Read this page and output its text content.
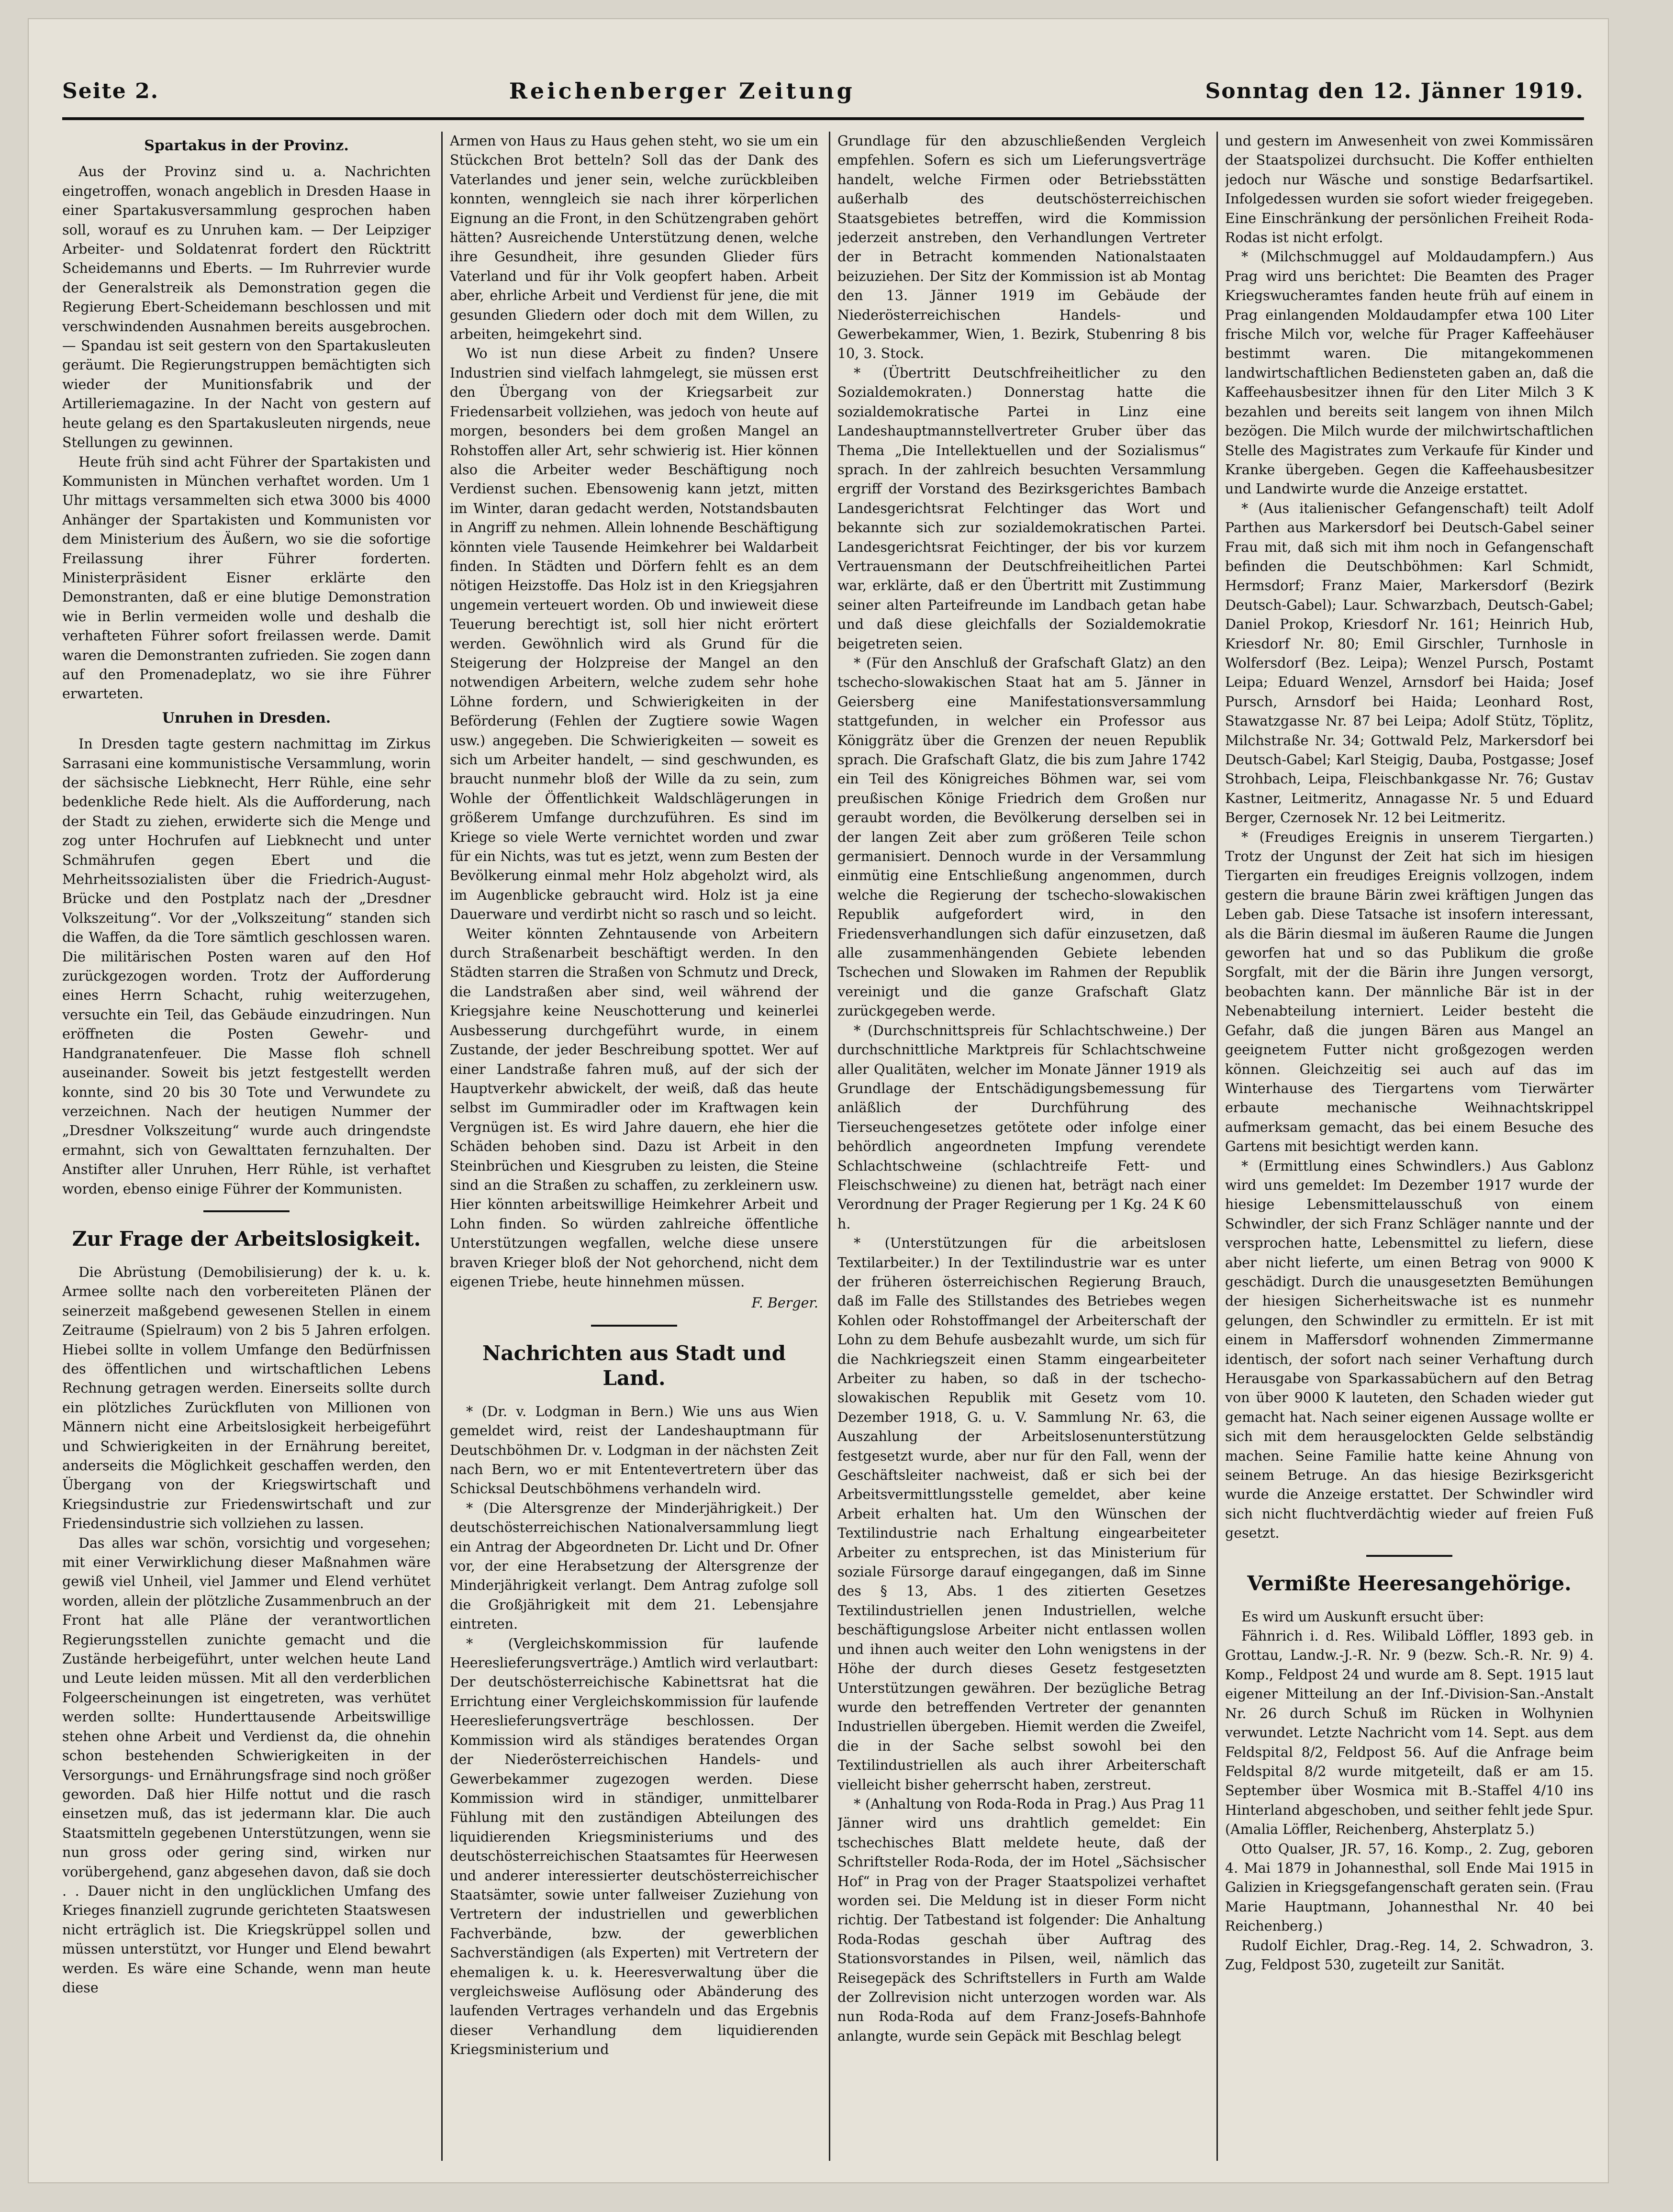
Seite 2.	Reichenberger Zeitung	Sonntag den 12. Jänner 1919.
Spartakus in der Provinz.

Aus der Provinz sind u. a. Nachrichten eingetroffen, wonach angeblich in Dresden Haase in einer Spartakusversammlung gesprochen haben soll, worauf es zu Unruhen kam. — Der Leipziger Arbeiter- und Soldatenrat fordert den Rücktritt Scheidemanns und Eberts. — Im Ruhrrevier wurde der Generalstreik als Demonstration gegen die Regierung Ebert-Scheidemann beschlossen und mit verschwindenden Ausnahmen bereits ausgebrochen. — Spandau ist seit gestern von den Spartakusleuten geräumt. Die Regierungstruppen bemächtigten sich wieder der Munitionsfabrik und der Artilleriemagazine. In der Nacht von gestern auf heute gelang es den Spartakusleuten nirgends, neue Stellungen zu gewinnen.

Heute früh sind acht Führer der Spartakisten und Kommunisten in München verhaftet worden. Um 1 Uhr mittags versammelten sich etwa 3000 bis 4000 Anhänger der Spartakisten und Kommunisten vor dem Ministerium des Äußern, wo sie die sofortige Freilassung ihrer Führer forderten. Ministerpräsident Eisner erklärte den Demonstranten, daß er eine blutige Demonstration wie in Berlin vermeiden wolle und deshalb die verhafteten Führer sofort freilassen werde. Damit waren die Demonstranten zufrieden. Sie zogen dann auf den Promenadeplatz, wo sie ihre Führer erwarteten.

Unruhen in Dresden.

In Dresden tagte gestern nachmittag im Zirkus Sarrasani eine kommunistische Versammlung, worin der sächsische Liebknecht, Herr Rühle, eine sehr bedenkliche Rede hielt. Als die Aufforderung, nach der Stadt zu ziehen, erwiderte sich die Menge und zog unter Hochrufen auf Liebknecht und unter Schmährufen gegen Ebert und die Mehrheitssozialisten über die Friedrich-August-Brücke und den Postplatz nach der „Dresdner Volkszeitung“. Vor der „Volkszeitung“ standen sich die Waffen, da die Tore sämtlich geschlossen waren. Die militärischen Posten waren auf den Hof zurückgezogen worden. Trotz der Aufforderung eines Herrn Schacht, ruhig weiterzugehen, versuchte ein Teil, das Gebäude einzudringen. Nun eröffneten die Posten Gewehr- und Handgranatenfeuer. Die Masse floh schnell auseinander. Soweit bis jetzt festgestellt werden konnte, sind 20 bis 30 Tote und Verwundete zu verzeichnen. Nach der heutigen Nummer der „Dresdner Volkszeitung“ wurde auch dringendste ermahnt, sich von Gewalttaten fernzuhalten. Der Anstifter aller Unruhen, Herr Rühle, ist verhaftet worden, ebenso einige Führer der Kommunisten.

Zur Frage der Arbeitslosigkeit.

Die Abrüstung (Demobilisierung) der k. u. k. Armee sollte nach den vorbereiteten Plänen der seinerzeit maßgebend gewesenen Stellen in einem Zeitraume (Spielraum) von 2 bis 5 Jahren erfolgen. Hiebei sollte in vollem Umfange den Bedürfnissen des öffentlichen und wirtschaftlichen Lebens Rechnung getragen werden. Einerseits sollte durch ein plötzliches Zurückfluten von Millionen von Männern nicht eine Arbeitslosigkeit herbeigeführt und Schwierigkeiten in der Ernährung bereitet, anderseits die Möglichkeit geschaffen werden, den Übergang von der Kriegswirtschaft und Kriegsindustrie zur Friedenswirtschaft und zur Friedensindustrie sich vollziehen zu lassen.

Das alles war schön, vorsichtig und vorgesehen; mit einer Verwirklichung dieser Maßnahmen wäre gewiß viel Unheil, viel Jammer und Elend verhütet worden, allein der plötzliche Zusammenbruch an der Front hat alle Pläne der verantwortlichen Regierungsstellen zunichte gemacht und die Zustände herbeigeführt, unter welchen heute Land und Leute leiden müssen. Mit all den verderblichen Folgeerscheinungen ist eingetreten, was verhütet werden sollte: Hunderttausende Arbeitswillige stehen ohne Arbeit und Verdienst da, die ohnehin schon bestehenden Schwierigkeiten in der Versorgungs- und Ernährungsfrage sind noch größer geworden. Daß hier Hilfe nottut und die rasch einsetzen muß, das ist jedermann klar. Die auch Staatsmitteln gegebenen Unterstützungen, wenn sie nun gross oder gering sind, wirken nur vorübergehend, ganz abgesehen davon, daß sie doch . . Dauer nicht in den unglücklichen Umfang des Krieges finanziell zugrunde gerichteten Staatswesen nicht erträglich ist. Die Kriegskrüppel sollen und müssen unterstützt, vor Hunger und Elend bewahrt werden. Es wäre eine Schande, wenn man heute diese

Armen von Haus zu Haus gehen steht, wo sie um ein Stückchen Brot betteln? Soll das der Dank des Vaterlandes und jener sein, welche zurückbleiben konnten, wenngleich sie nach ihrer körperlichen Eignung an die Front, in den Schützengraben gehört hätten? Ausreichende Unterstützung denen, welche ihre Gesundheit, ihre gesunden Glieder fürs Vaterland und für ihr Volk geopfert haben. Arbeit aber, ehrliche Arbeit und Verdienst für jene, die mit gesunden Gliedern oder doch mit dem Willen, zu arbeiten, heimgekehrt sind.

Wo ist nun diese Arbeit zu finden? Unsere Industrien sind vielfach lahmgelegt, sie müssen erst den Übergang von der Kriegsarbeit zur Friedensarbeit vollziehen, was jedoch von heute auf morgen, besonders bei dem großen Mangel an Rohstoffen aller Art, sehr schwierig ist. Hier können also die Arbeiter weder Beschäftigung noch Verdienst suchen. Ebensowenig kann jetzt, mitten im Winter, daran gedacht werden, Notstandsbauten in Angriff zu nehmen. Allein lohnende Beschäftigung könnten viele Tausende Heimkehrer bei Waldarbeit finden. In Städten und Dörfern fehlt es an dem nötigen Heizstoffe. Das Holz ist in den Kriegsjahren ungemein verteuert worden. Ob und inwieweit diese Teuerung berechtigt ist, soll hier nicht erörtert werden. Gewöhnlich wird als Grund für die Steigerung der Holzpreise der Mangel an den notwendigen Arbeitern, welche zudem sehr hohe Löhne fordern, und Schwierigkeiten in der Beförderung (Fehlen der Zugtiere sowie Wagen usw.) angegeben. Die Schwierigkeiten — soweit es sich um Arbeiter handelt, — sind geschwunden, es braucht nunmehr bloß der Wille da zu sein, zum Wohle der Öffentlichkeit Waldschlägerungen in größerem Umfange durchzuführen. Es sind im Kriege so viele Werte vernichtet worden und zwar für ein Nichts, was tut es jetzt, wenn zum Besten der Bevölkerung einmal mehr Holz abgeholzt wird, als im Augenblicke gebraucht wird. Holz ist ja eine Dauerware und verdirbt nicht so rasch und so leicht.

Weiter könnten Zehntausende von Arbeitern durch Straßenarbeit beschäftigt werden. In den Städten starren die Straßen von Schmutz und Dreck, die Landstraßen aber sind, weil während der Kriegsjahre keine Neuschotterung und keinerlei Ausbesserung durchgeführt wurde, in einem Zustande, der jeder Beschreibung spottet. Wer auf einer Landstraße fahren muß, auf der sich der Hauptverkehr abwickelt, der weiß, daß das heute selbst im Gummiradler oder im Kraftwagen kein Vergnügen ist. Es wird Jahre dauern, ehe hier die Schäden behoben sind. Dazu ist Arbeit in den Steinbrüchen und Kiesgruben zu leisten, die Steine sind an die Straßen zu schaffen, zu zerkleinern usw. Hier könnten arbeitswillige Heimkehrer Arbeit und Lohn finden. So würden zahlreiche öffentliche Unterstützungen wegfallen, welche diese unsere braven Krieger bloß der Not gehorchend, nicht dem eigenen Triebe, heute hinnehmen müssen.

F. Berger.
Nachrichten aus Stadt und Land.

* (Dr. v. Lodgman in Bern.) Wie uns aus Wien gemeldet wird, reist der Landeshauptmann für Deutschböhmen Dr. v. Lodgman in der nächsten Zeit nach Bern, wo er mit Ententevertretern über das Schicksal Deutschböhmens verhandeln wird.

* (Die Altersgrenze der Minderjährigkeit.) Der deutschösterreichischen Nationalversammlung liegt ein Antrag der Abgeordneten Dr. Licht und Dr. Ofner vor, der eine Herabsetzung der Altersgrenze der Minderjährigkeit verlangt. Dem Antrag zufolge soll die Großjährigkeit mit dem 21. Lebensjahre eintreten.

* (Vergleichskommission für laufende Heereslieferungsverträge.) Amtlich wird verlautbart: Der deutschösterreichische Kabinettsrat hat die Errichtung einer Vergleichskommission für laufende Heereslieferungsverträge beschlossen. Der Kommission wird als ständiges beratendes Organ der Niederösterreichischen Handels- und Gewerbekammer zugezogen werden. Diese Kommission wird in ständiger, unmittelbarer Fühlung mit den zuständigen Abteilungen des liquidierenden Kriegsministeriums und des deutschösterreichischen Staatsamtes für Heerwesen und anderer interessierter deutschösterreichischer Staatsämter, sowie unter fallweiser Zuziehung von Vertretern der industriellen und gewerblichen Fachverbände, bzw. der gewerblichen Sachverständigen (als Experten) mit Vertretern der ehemaligen k. u. k. Heeresverwaltung über die vergleichsweise Auflösung oder Abänderung des laufenden Vertrages verhandeln und das Ergebnis dieser Verhandlung dem liquidierenden Kriegsministerium und

Grundlage für den abzuschließenden Vergleich empfehlen. Sofern es sich um Lieferungsverträge handelt, welche Firmen oder Betriebsstätten außerhalb des deutschösterreichischen Staatsgebietes betreffen, wird die Kommission jederzeit anstreben, den Verhandlungen Vertreter der in Betracht kommenden Nationalstaaten beizuziehen. Der Sitz der Kommission ist ab Montag den 13. Jänner 1919 im Gebäude der Niederösterreichischen Handels- und Gewerbekammer, Wien, 1. Bezirk, Stubenring 8 bis 10, 3. Stock.

* (Übertritt Deutschfreiheitlicher zu den Sozialdemokraten.) Donnerstag hatte die sozialdemokratische Partei in Linz eine Landeshauptmannstellvertreter Gruber über das Thema „Die Intellektuellen und der Sozialismus“ sprach. In der zahlreich besuchten Versammlung ergriff der Vorstand des Bezirksgerichtes Bambach Landesgerichtsrat Felchtinger das Wort und bekannte sich zur sozialdemokratischen Partei. Landesgerichtsrat Feichtinger, der bis vor kurzem Vertrauensmann der Deutschfreiheitlichen Partei war, erklärte, daß er den Übertritt mit Zustimmung seiner alten Parteifreunde im Landbach getan habe und daß diese gleichfalls der Sozialdemokratie beigetreten seien.

* (Für den Anschluß der Grafschaft Glatz) an den tschecho-slowakischen Staat hat am 5. Jänner in Geiersberg eine Manifestationsversammlung stattgefunden, in welcher ein Professor aus Königgrätz über die Grenzen der neuen Republik sprach. Die Grafschaft Glatz, die bis zum Jahre 1742 ein Teil des Königreiches Böhmen war, sei vom preußischen Könige Friedrich dem Großen nur geraubt worden, die Bevölkerung derselben sei in der langen Zeit aber zum größeren Teile schon germanisiert. Dennoch wurde in der Versammlung einmütig eine Entschließung angenommen, durch welche die Regierung der tschecho-slowakischen Republik aufgefordert wird, in den Friedensverhandlungen sich dafür einzusetzen, daß alle zusammenhängenden Gebiete lebenden Tschechen und Slowaken im Rahmen der Republik vereinigt und die ganze Grafschaft Glatz zurückgegeben werde.

* (Durchschnittspreis für Schlachtschweine.) Der durchschnittliche Marktpreis für Schlachtschweine aller Qualitäten, welcher im Monate Jänner 1919 als Grundlage der Entschädigungsbemessung für anläßlich der Durchführung des Tierseuchengesetzes getötete oder infolge einer behördlich angeordneten Impfung verendete Schlachtschweine (schlachtreife Fett- und Fleischschweine) zu dienen hat, beträgt nach einer Verordnung der Prager Regierung per 1 Kg. 24 K 60 h.

* (Unterstützungen für die arbeitslosen Textilarbeiter.) In der Textilindustrie war es unter der früheren österreichischen Regierung Brauch, daß im Falle des Stillstandes des Betriebes wegen Kohlen oder Rohstoffmangel der Arbeiterschaft der Lohn zu dem Behufe ausbezahlt wurde, um sich für die Nachkriegszeit einen Stamm eingearbeiteter Arbeiter zu haben, so daß in der tschecho-slowakischen Republik mit Gesetz vom 10. Dezember 1918, G. u. V. Sammlung Nr. 63, die Auszahlung der Arbeitslosenunterstützung festgesetzt wurde, aber nur für den Fall, wenn der Geschäftsleiter nachweist, daß er sich bei der Arbeitsvermittlungsstelle gemeldet, aber keine Arbeit erhalten hat. Um den Wünschen der Textilindustrie nach Erhaltung eingearbeiteter Arbeiter zu entsprechen, ist das Ministerium für soziale Fürsorge darauf eingegangen, daß im Sinne des § 13, Abs. 1 des zitierten Gesetzes Textilindustriellen jenen Industriellen, welche beschäftigungslose Arbeiter nicht entlassen wollen und ihnen auch weiter den Lohn wenigstens in der Höhe der durch dieses Gesetz festgesetzten Unterstützungen gewähren. Der bezügliche Betrag wurde den betreffenden Vertreter der genannten Industriellen übergeben. Hiemit werden die Zweifel, die in der Sache selbst sowohl bei den Textilindustriellen als auch ihrer Arbeiterschaft vielleicht bisher geherrscht haben, zerstreut.

* (Anhaltung von Roda-Roda in Prag.) Aus Prag 11 Jänner wird uns drahtlich gemeldet: Ein tschechisches Blatt meldete heute, daß der Schriftsteller Roda-Roda, der im Hotel „Sächsischer Hof“ in Prag von der Prager Staatspolizei verhaftet worden sei. Die Meldung ist in dieser Form nicht richtig. Der Tatbestand ist folgender: Die Anhaltung Roda-Rodas geschah über Auftrag des Stationsvorstandes in Pilsen, weil, nämlich das Reisegepäck des Schriftstellers in Furth am Walde der Zollrevision nicht unterzogen worden war. Als nun Roda-Roda auf dem Franz-Josefs-Bahnhofe anlangte, wurde sein Gepäck mit Beschlag belegt

und gestern im Anwesenheit von zwei Kommissären der Staatspolizei durchsucht. Die Koffer enthielten jedoch nur Wäsche und sonstige Bedarfsartikel. Infolgedessen wurden sie sofort wieder freigegeben. Eine Einschränkung der persönlichen Freiheit Roda-Rodas ist nicht erfolgt.

* (Milchschmuggel auf Moldaudampfern.) Aus Prag wird uns berichtet: Die Beamten des Prager Kriegswucheramtes fanden heute früh auf einem in Prag einlangenden Moldaudampfer etwa 100 Liter frische Milch vor, welche für Prager Kaffeehäuser bestimmt waren. Die mitangekommenen landwirtschaftlichen Bediensteten gaben an, daß die Kaffeehausbesitzer ihnen für den Liter Milch 3 K bezahlen und bereits seit langem von ihnen Milch bezögen. Die Milch wurde der milchwirtschaftlichen Stelle des Magistrates zum Verkaufe für Kinder und Kranke übergeben. Gegen die Kaffeehausbesitzer und Landwirte wurde die Anzeige erstattet.

* (Aus italienischer Gefangenschaft) teilt Adolf Parthen aus Markersdorf bei Deutsch-Gabel seiner Frau mit, daß sich mit ihm noch in Gefangenschaft befinden die Deutschböhmen: Karl Schmidt, Hermsdorf; Franz Maier, Markersdorf (Bezirk Deutsch-Gabel); Laur. Schwarzbach, Deutsch-Gabel; Daniel Prokop, Kriesdorf Nr. 161; Heinrich Hub, Kriesdorf Nr. 80; Emil Girschler, Turnhosle in Wolfersdorf (Bez. Leipa); Wenzel Pursch, Postamt Leipa; Eduard Wenzel, Arnsdorf bei Haida; Josef Pursch, Arnsdorf bei Haida; Leonhard Rost, Stawatzgasse Nr. 87 bei Leipa; Adolf Stütz, Töplitz, Milchstraße Nr. 34; Gottwald Pelz, Markersdorf bei Deutsch-Gabel; Karl Steigig, Dauba, Postgasse; Josef Strohbach, Leipa, Fleischbankgasse Nr. 76; Gustav Kastner, Leitmeritz, Annagasse Nr. 5 und Eduard Berger, Czernosek Nr. 12 bei Leitmeritz.

* (Freudiges Ereignis in unserem Tiergarten.) Trotz der Ungunst der Zeit hat sich im hiesigen Tiergarten ein freudiges Ereignis vollzogen, indem gestern die braune Bärin zwei kräftigen Jungen das Leben gab. Diese Tatsache ist insofern interessant, als die Bärin diesmal im äußeren Raume die Jungen geworfen hat und so das Publikum die große Sorgfalt, mit der die Bärin ihre Jungen versorgt, beobachten kann. Der männliche Bär ist in der Nebenabteilung interniert. Leider besteht die Gefahr, daß die jungen Bären aus Mangel an geeignetem Futter nicht großgezogen werden können. Gleichzeitig sei auch auf das im Winterhause des Tiergartens vom Tierwärter erbaute mechanische Weihnachtskrippel aufmerksam gemacht, das bei einem Besuche des Gartens mit besichtigt werden kann.

* (Ermittlung eines Schwindlers.) Aus Gablonz wird uns gemeldet: Im Dezember 1917 wurde der hiesige Lebensmittelausschuß von einem Schwindler, der sich Franz Schläger nannte und der versprochen hatte, Lebensmittel zu liefern, diese aber nicht lieferte, um einen Betrag von 9000 K geschädigt. Durch die unausgesetzten Bemühungen der hiesigen Sicherheitswache ist es nunmehr gelungen, den Schwindler zu ermitteln. Er ist mit einem in Maffersdorf wohnenden Zimmermanne identisch, der sofort nach seiner Verhaftung durch Herausgabe von Sparkassabüchern auf den Betrag von über 9000 K lauteten, den Schaden wieder gut gemacht hat. Nach seiner eigenen Aussage wollte er sich mit dem herausgelockten Gelde selbständig machen. Seine Familie hatte keine Ahnung von seinem Betruge. An das hiesige Bezirksgericht wurde die Anzeige erstattet. Der Schwindler wird sich nicht fluchtverdächtig wieder auf freien Fuß gesetzt.

Vermißte Heeresangehörige.

Es wird um Auskunft ersucht über:

Fähnrich i. d. Res. Wilibald Löffler, 1893 geb. in Grottau, Landw.-J.-R. Nr. 9 (bezw. Sch.-R. Nr. 9) 4. Komp., Feldpost 24 und wurde am 8. Sept. 1915 laut eigener Mitteilung an der Inf.-Division-San.-Anstalt Nr. 26 durch Schuß im Rücken in Wolhynien verwundet. Letzte Nachricht vom 14. Sept. aus dem Feldspital 8/2, Feldpost 56. Auf die Anfrage beim Feldspital 8/2 wurde mitgeteilt, daß er am 15. September über Wosmica mit B.-Staffel 4/10 ins Hinterland abgeschoben, und seither fehlt jede Spur. (Amalia Löffler, Reichenberg, Ahsterplatz 5.)

Otto Qualser, JR. 57, 16. Komp., 2. Zug, geboren 4. Mai 1879 in Johannesthal, soll Ende Mai 1915 in Galizien in Kriegsgefangenschaft geraten sein. (Frau Marie Hauptmann, Johannesthal Nr. 40 bei Reichenberg.)

Rudolf Eichler, Drag.-Reg. 14, 2. Schwadron, 3. Zug, Feldpost 530, zugeteilt zur Sanität.
